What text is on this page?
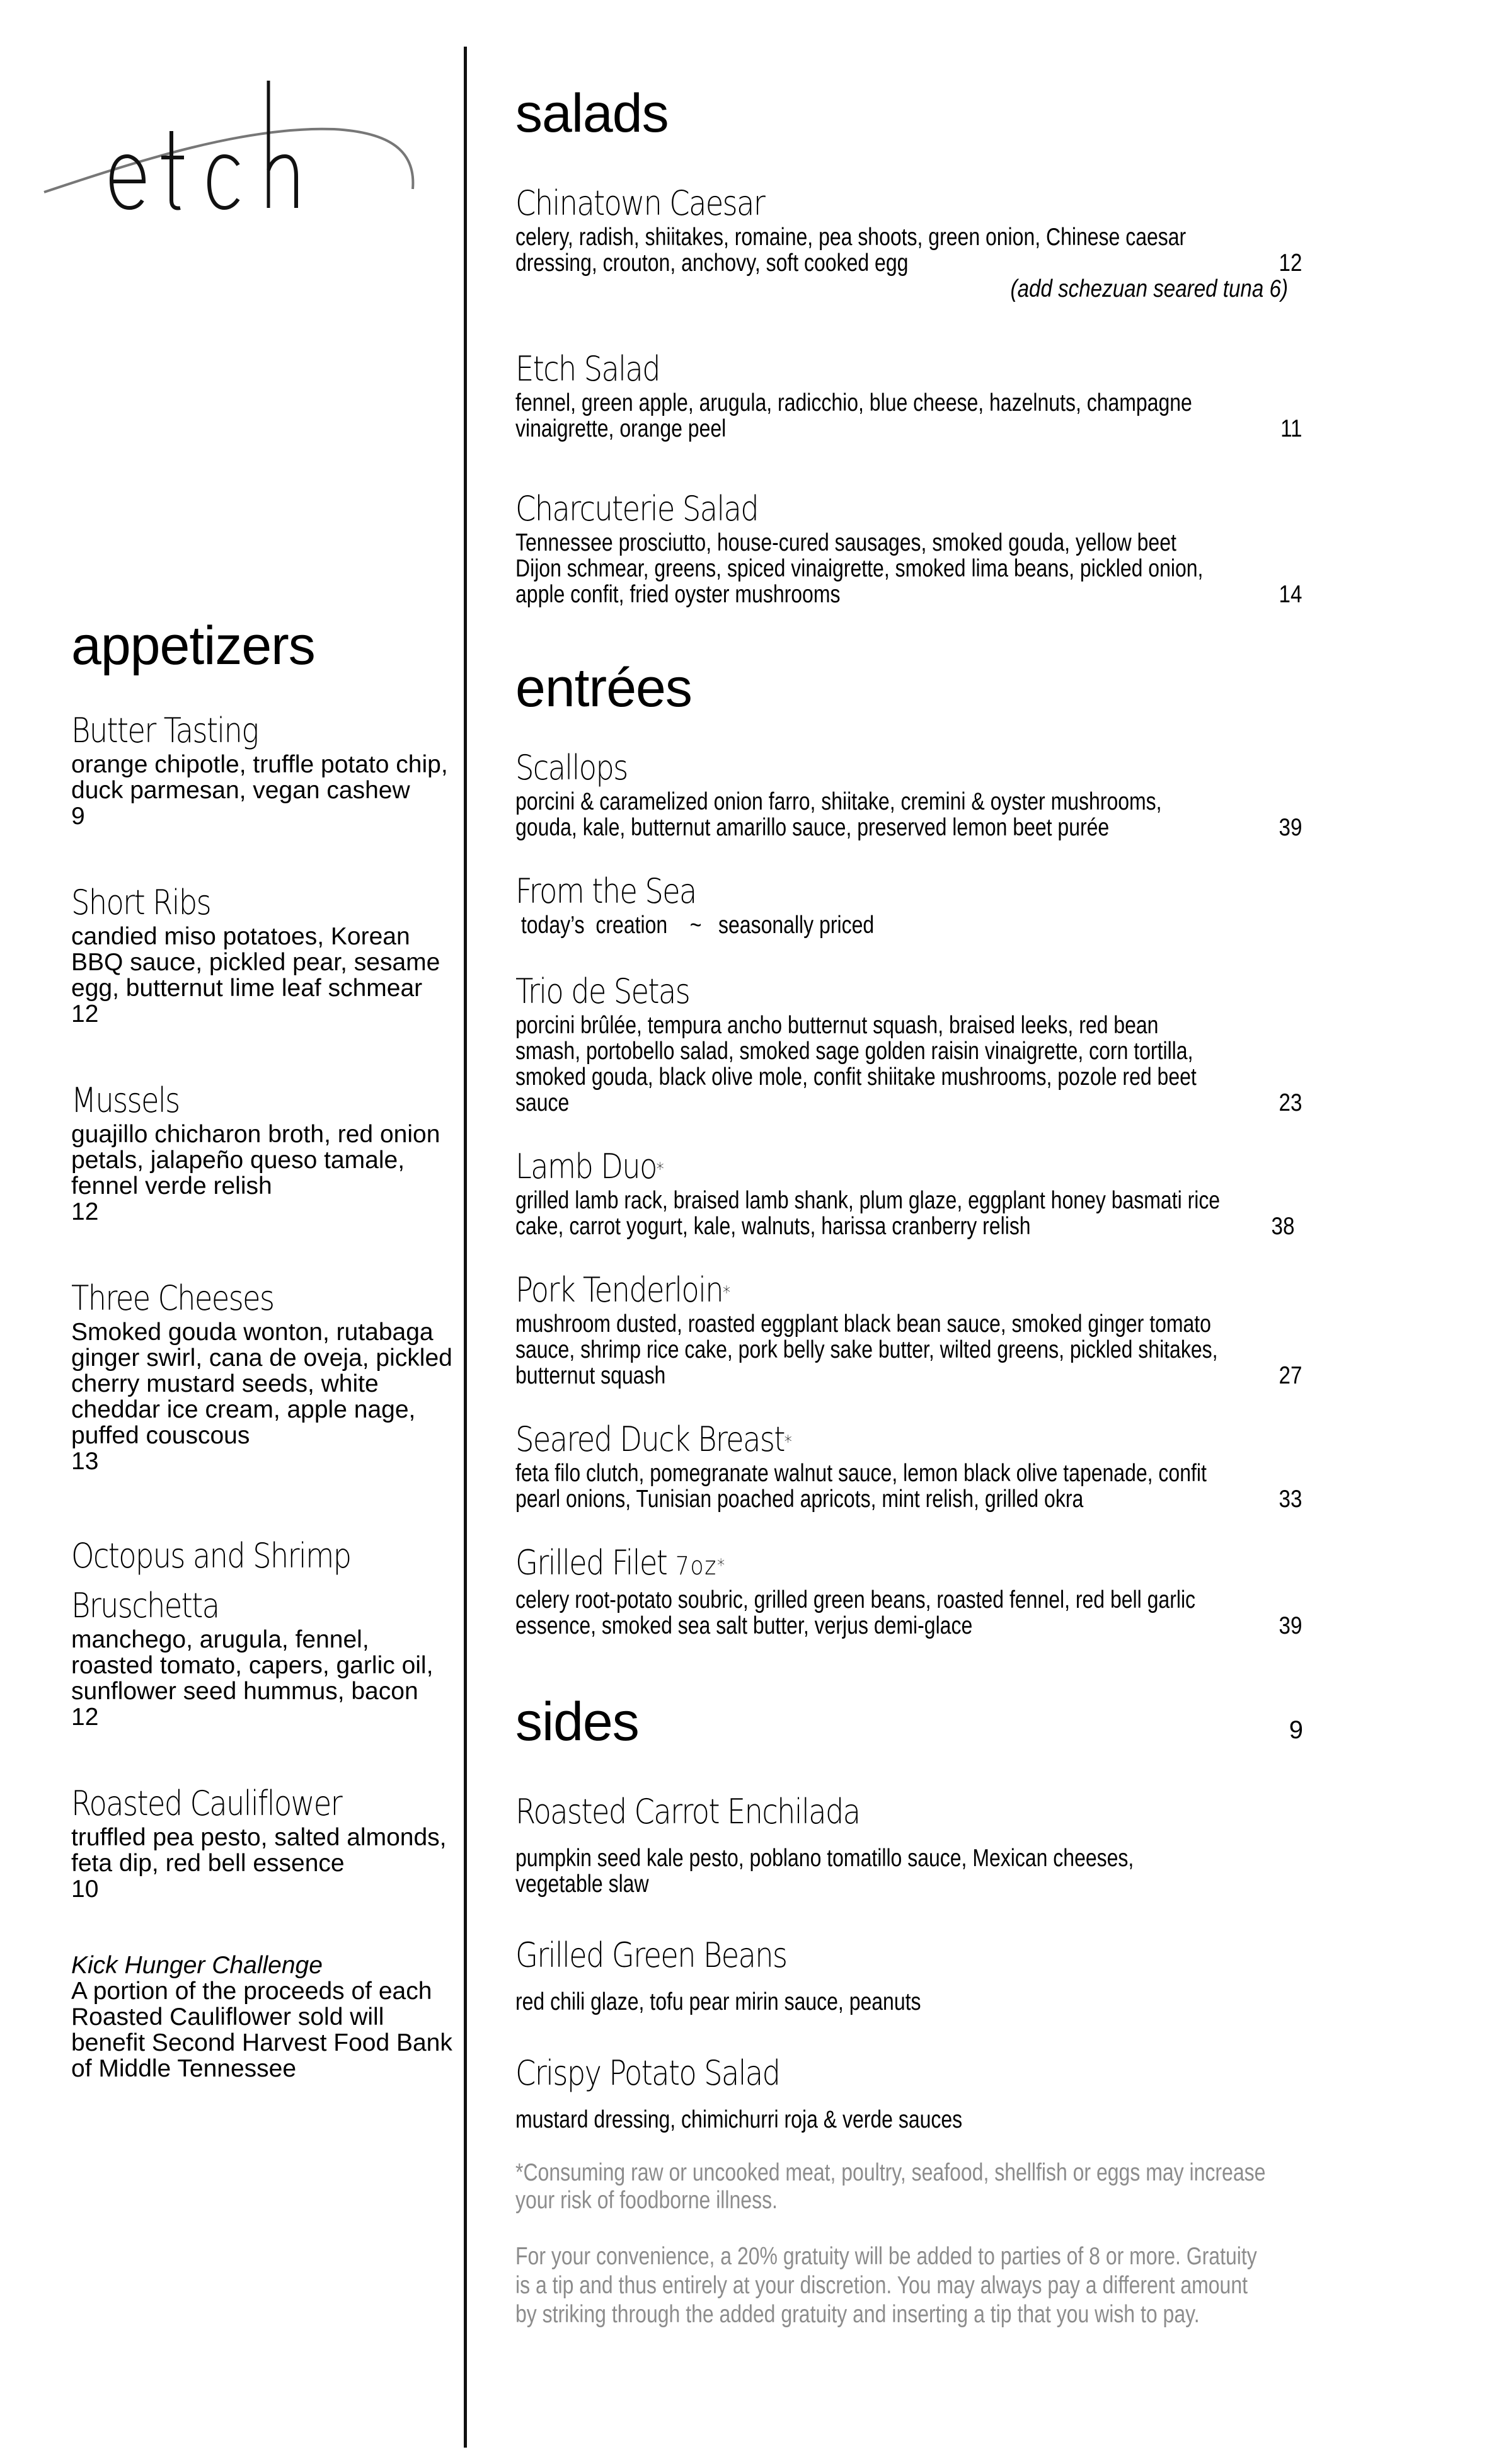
appetizers
Butter Tasting
orange chipotle, truffle potato chip,
duck parmesan, vegan cashew
9
Short Ribs
candied miso potatoes, Korean
BBQ sauce, pickled pear, sesame
egg, butternut lime leaf schmear
12
Mussels
guajillo chicharon broth, red onion
petals, jalapeño queso tamale,
fennel verde relish
12
Three Cheeses
Smoked gouda wonton, rutabaga
ginger swirl, cana de oveja, pickled
cherry mustard seeds, white
cheddar ice cream, apple nage,
puffed couscous
13
Octopus and Shrimp
Bruschetta
manchego, arugula, fennel,
roasted tomato, capers, garlic oil,
sunflower seed hummus, bacon
12
Roasted Cauliflower
truffled pea pesto, salted almonds,
feta dip, red bell essence
10
Kick Hunger Challenge
A portion of the proceeds of each
Roasted Cauliflower sold will
benefit Second Harvest Food Bank
of Middle Tennessee
salads
Chinatown Caesar
celery, radish, shiitakes, romaine, pea shoots, green onion, Chinese caesar
dressing, crouton, anchovy, soft cooked egg	12
(add schezuan seared tuna 6)
Etch Salad
fennel, green apple, arugula, radicchio, blue cheese, hazelnuts, champagne
vinaigrette, orange peel	11
Charcuterie Salad
Tennessee prosciutto, house-cured sausages, smoked gouda, yellow beet
Dijon schmear, greens, spiced vinaigrette, smoked lima beans, pickled onion,
apple confit, fried oyster mushrooms	14
entrées
Scallops
porcini & caramelized onion farro, shiitake, cremini & oyster mushrooms,
gouda, kale, butternut amarillo sauce, preserved lemon beet purée	39
From the Sea
today’s  creation    ~   seasonally priced
Trio de Setas
porcini brûlée, tempura ancho butternut squash, braised leeks, red bean
smash, portobello salad, smoked sage golden raisin vinaigrette, corn tortilla,
smoked gouda, black olive mole, confit shiitake mushrooms, pozole red beet
sauce	23
Lamb Duo*
grilled lamb rack, braised lamb shank, plum glaze, eggplant honey basmati rice
cake, carrot yogurt, kale, walnuts, harissa cranberry relish	38
Pork Tenderloin*
mushroom dusted, roasted eggplant black bean sauce, smoked ginger tomato
sauce, shrimp rice cake, pork belly sake butter, wilted greens, pickled shitakes,
butternut squash	27
Seared Duck Breast*
feta filo clutch, pomegranate walnut sauce, lemon black olive tapenade, confit
pearl onions, Tunisian poached apricots, mint relish, grilled okra	33
Grilled Filet 7oz*
celery root-potato soubric, grilled green beans, roasted fennel, red bell garlic
essence, smoked sea salt butter, verjus demi-glace	39
sides	9
Roasted Carrot Enchilada
pumpkin seed kale pesto, poblano tomatillo sauce, Mexican cheeses,
vegetable slaw
Grilled Green Beans
red chili glaze, tofu pear mirin sauce, peanuts
Crispy Potato Salad
mustard dressing, chimichurri roja & verde sauces
*Consuming raw or uncooked meat, poultry, seafood, shellfish or eggs may increase
your risk of foodborne illness.
For your convenience, a 20% gratuity will be added to parties of 8 or more. Gratuity
is a tip and thus entirely at your discretion. You may always pay a different amount
by striking through the added gratuity and inserting a tip that you wish to pay.
